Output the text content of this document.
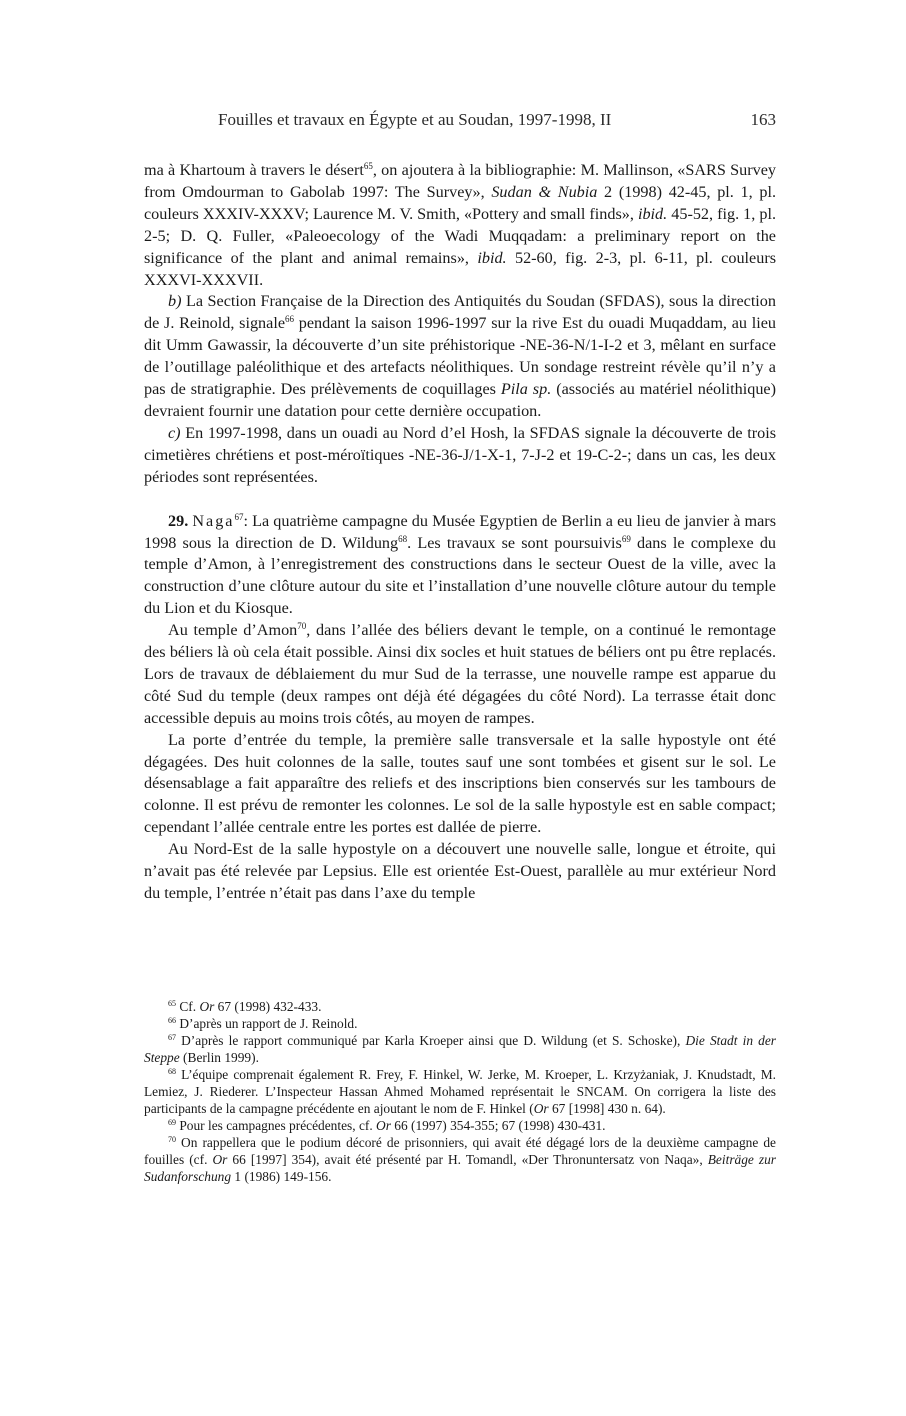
Fouilles et travaux en Égypte et au Soudan, 1997-1998, II	163

ma à Khartoum à travers le désert$^{65}$, on ajoutera à la bibliographie: M. Mallinson, «SARS Survey from Omdourman to Gabolab 1997: The Survey», Sudan & Nubia 2 (1998) 42-45, pl. 1, pl. couleurs XXXIV-XXXV; Laurence M. V. Smith, «Pottery and small finds», ibid. 45-52, fig. 1, pl. 2-5; D. Q. Fuller, «Paleoecology of the Wadi Muqqadam: a preliminary report on the significance of the plant and animal remains», ibid. 52-60, fig. 2-3, pl. 6-11, pl. couleurs XXXVI-XXXVII.

b) La Section Française de la Direction des Antiquités du Soudan (SFDAS), sous la direction de J. Reinold, signale$^{66}$ pendant la saison 1996-1997 sur la rive Est du ouadi Muqaddam, au lieu dit Umm Gawassir, la découverte d’un site préhistorique -NE-36-N/1-I-2 et 3, mêlant en surface de l’outillage paléolithique et des artefacts néolithiques. Un sondage restreint révèle qu’il n’y a pas de stratigraphie. Des prélèvements de coquillages Pila sp. (associés au matériel néolithique) devraient fournir une datation pour cette dernière occupation.

c) En 1997-1998, dans un ouadi au Nord d’el Hosh, la SFDAS signale la découverte de trois cimetières chrétiens et post-méroïtiques -NE-36-J/1-X-1, 7-J-2 et 19-C-2-; dans un cas, les deux périodes sont représentées.

29. Naga$^{67}$: La quatrième campagne du Musée Egyptien de Berlin a eu lieu de janvier à mars 1998 sous la direction de D. Wildung$^{68}$. Les travaux se sont poursuivis$^{69}$ dans le complexe du temple d’Amon, à l’enregistrement des constructions dans le secteur Ouest de la ville, avec la construction d’une clôture autour du site et l’installation d’une nouvelle clôture autour du temple du Lion et du Kiosque.

Au temple d’Amon$^{70}$, dans l’allée des béliers devant le temple, on a continué le remontage des béliers là où cela était possible. Ainsi dix socles et huit statues de béliers ont pu être replacés. Lors de travaux de déblaiement du mur Sud de la terrasse, une nouvelle rampe est apparue du côté Sud du temple (deux rampes ont déjà été dégagées du côté Nord). La terrasse était donc accessible depuis au moins trois côtés, au moyen de rampes.

La porte d’entrée du temple, la première salle transversale et la salle hypostyle ont été dégagées. Des huit colonnes de la salle, toutes sauf une sont tombées et gisent sur le sol. Le désensablage a fait apparaître des reliefs et des inscriptions bien conservés sur les tambours de colonne. Il est prévu de remonter les colonnes. Le sol de la salle hypostyle est en sable compact; cependant l’allée centrale entre les portes est dallée de pierre.

Au Nord-Est de la salle hypostyle on a découvert une nouvelle salle, longue et étroite, qui n’avait pas été relevée par Lepsius. Elle est orientée Est-Ouest, parallèle au mur extérieur Nord du temple, l’entrée n’était pas dans l’axe du temple

$^{65}$ Cf. Or 67 (1998) 432-433.

$^{66}$ D’après un rapport de J. Reinold.

$^{67}$ D’après le rapport communiqué par Karla Kroeper ainsi que D. Wildung (et S. Schoske), Die Stadt in der Steppe (Berlin 1999).

$^{68}$ L’équipe comprenait également R. Frey, F. Hinkel, W. Jerke, M. Kroeper, L. Krzyżaniak, J. Knudstadt, M. Lemiez, J. Riederer. L’Inspecteur Hassan Ahmed Mohamed représentait le SNCAM. On corrigera la liste des participants de la campagne précédente en ajoutant le nom de F. Hinkel (Or 67 [1998] 430 n. 64).

$^{69}$ Pour les campagnes précédentes, cf. Or 66 (1997) 354-355; 67 (1998) 430-431.

$^{70}$ On rappellera que le podium décoré de prisonniers, qui avait été dégagé lors de la deuxième campagne de fouilles (cf. Or 66 [1997] 354), avait été présenté par H. Tomandl, «Der Thronuntersatz von Naqa», Beiträge zur Sudanforschung 1 (1986) 149-156.
